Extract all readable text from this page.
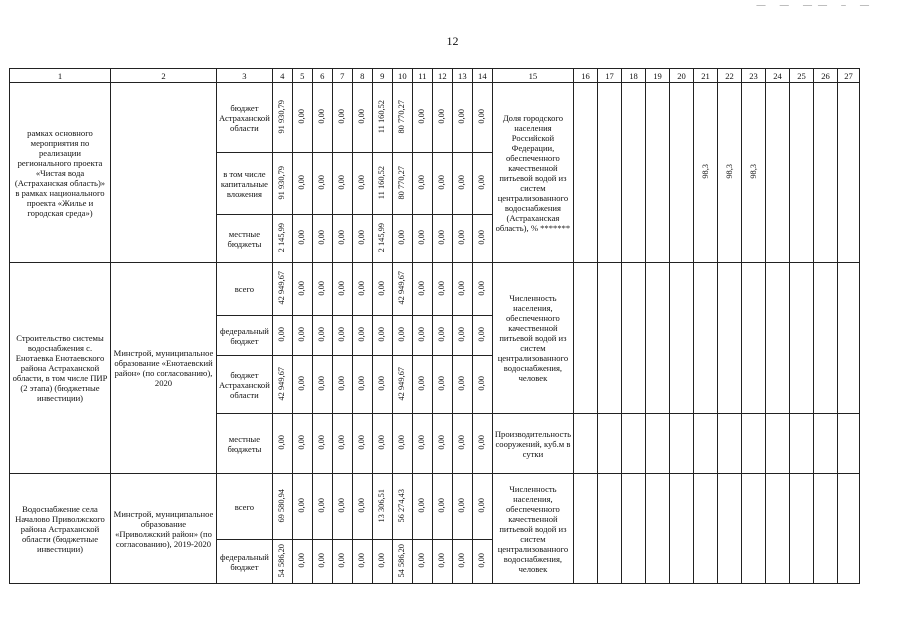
— — —— – —
12
1	2	3	4	5	6	7	8	9	10	11	12	13	14	15	16	17	18	19	20	21	22	23	24	25	26	27
рамках основного мероприятия по реализации регионального проекта «Чистая вода (Астраханская область)» в рамках национального проекта «Жилье и городская среда»)		бюджет Астраханской области	91 930,79	0,00	0,00	0,00	0,00	11 160,52	80 770,27	0,00	0,00	0,00	0,00	Доля городского населения Российской Федерации, обеспеченного качественной питьевой водой из систем централизованного водоснабжения (Астраханская область), % *******						98,3	98,3	98,3				
		в том числе капитальные вложения	91 930,79	0,00	0,00	0,00	0,00	11 160,52	80 770,27	0,00	0,00	0,00	0,00													
		местные бюджеты	2 145,99	0,00	0,00	0,00	0,00	2 145,99	0,00	0,00	0,00	0,00	0,00													
Строительство системы водоснабжения с. Енотаевка Енотаевского района Астраханской области, в том числе ПИР (2 этапа) (бюджетные инвестиции)	Минстрой, муниципальное образование «Енотаевский район» (по согласованию), 2020	всего	42 949,67	0,00	0,00	0,00	0,00	0,00	42 949,67	0,00	0,00	0,00	0,00	Численность населения, обеспеченного качественной питьевой водой из систем централизованного водоснабжения, человек												
		федеральный бюджет	0,00	0,00	0,00	0,00	0,00	0,00	0,00	0,00	0,00	0,00	0,00													
		бюджет Астраханской области	42 949,67	0,00	0,00	0,00	0,00	0,00	42 949,67	0,00	0,00	0,00	0,00													
		местные бюджеты	0,00	0,00	0,00	0,00	0,00	0,00	0,00	0,00	0,00	0,00	0,00	Производительность сооружений, куб.м в сутки												
Водоснабжение села Началово Приволжского района Астраханской области (бюджетные инвестиции)	Минстрой, муниципальное образование «Приволжский район» (по согласованию), 2019-2020	всего	69 580,94	0,00	0,00	0,00	0,00	13 306,51	56 274,43	0,00	0,00	0,00	0,00	Численность населения, обеспеченного качественной питьевой водой из систем централизованного водоснабжения, человек												
		федеральный бюджет	54 586,20	0,00	0,00	0,00	0,00	0,00	54 586,20	0,00	0,00	0,00	0,00													
